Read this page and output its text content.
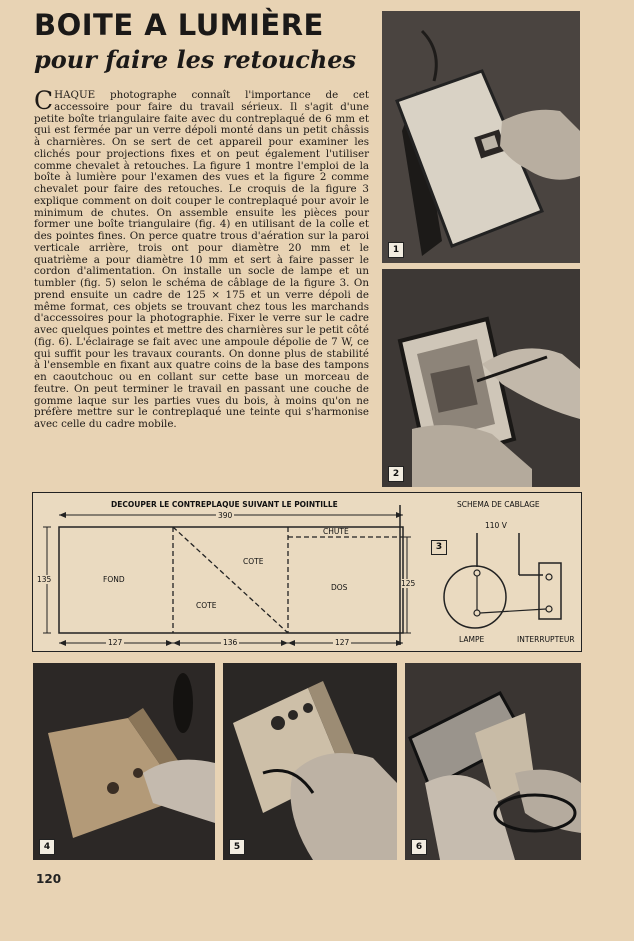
BOITE A LUMIÈRE
pour faire les retouches
CHAQUE photographe connaît l'importance de cet accessoire pour faire du travail sérieux. Il s'agit d'une petite boîte triangulaire faite avec du contreplaqué de 6 mm et qui est fermée par un verre dépoli monté dans un petit châssis à charnières. On se sert de cet appareil pour examiner les clichés pour projections fixes et on peut également l'utiliser comme chevalet à retouches. La figure 1 montre l'emploi de la boîte à lumière pour l'examen des vues et la figure 2 comme chevalet pour faire des retouches. Le croquis de la figure 3 explique comment on doit couper le contreplaqué pour avoir le minimum de chutes. On assemble ensuite les pièces pour former une boîte triangulaire (fig. 4) en utilisant de la colle et des pointes fines. On perce quatre trous d'aération sur la paroi verticale arrière, trois ont pour diamètre 20 mm et le quatrième a pour diamètre 10 mm et sert à faire passer le cordon d'alimentation. On installe un socle de lampe et un tumbler (fig. 5) selon le schéma de câblage de la figure 3. On prend ensuite un cadre de 125 × 175 et un verre dépoli de même format, ces objets se trouvant chez tous les marchands d'accessoires pour la photographie. Fixer le verre sur le cadre avec quelques pointes et mettre des charnières sur le petit côté (fig. 6). L'éclairage se fait avec une ampoule dépolie de 7 W, ce qui suffit pour les travaux courants. On donne plus de stabilité à l'ensemble en fixant aux quatre coins de la base des tampons en caoutchouc ou en collant sur cette base un morceau de feutre. On peut terminer le travail en passant une couche de gomme laque sur les parties vues du bois, à moins qu'on ne préfère mettre sur le contreplaqué une teinte qui s'harmonise avec celle du cadre mobile.
1
2
DECOUPER LE CONTREPLAQUE SUIVANT LE POINTILLE
390
CHUTE
135	125
FOND
COTE
COTE
DOS
127	136	127
SCHEMA DE CABLAGE
110 V
3
LAMPE	INTERRUPTEUR
4	5	6
120
